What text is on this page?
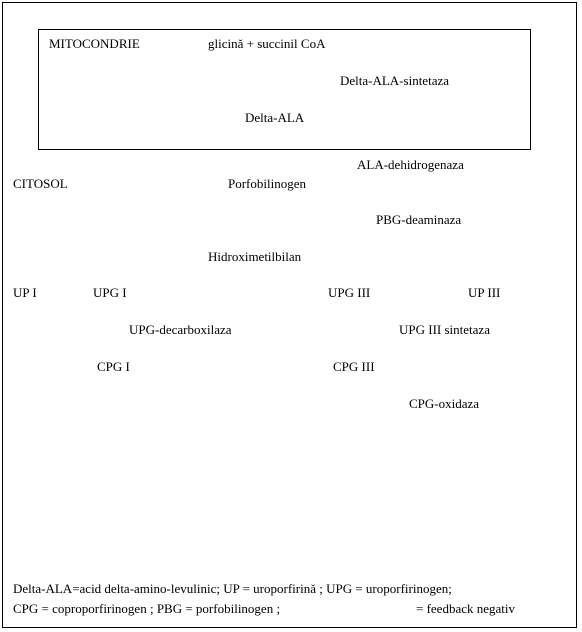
MITOCONDRIE	glicină + succinil CoA
Delta-ALA-sintetaza
Delta-ALA
ALA-dehidrogenaza
CITOSOL	Porfobilinogen
PBG-deaminaza
Hidroximetilbilan
UP I	UPG I	UPG III	UP III
UPG-decarboxilaza	UPG III sintetaza
CPG I	CPG III
CPG-oxidaza
Delta-ALA=acid delta-amino-levulinic; UP = uroporfirină ; UPG = uroporfirinogen;
CPG = coproporfirinogen ; PBG = porfobilinogen ;	= feedback negativ
